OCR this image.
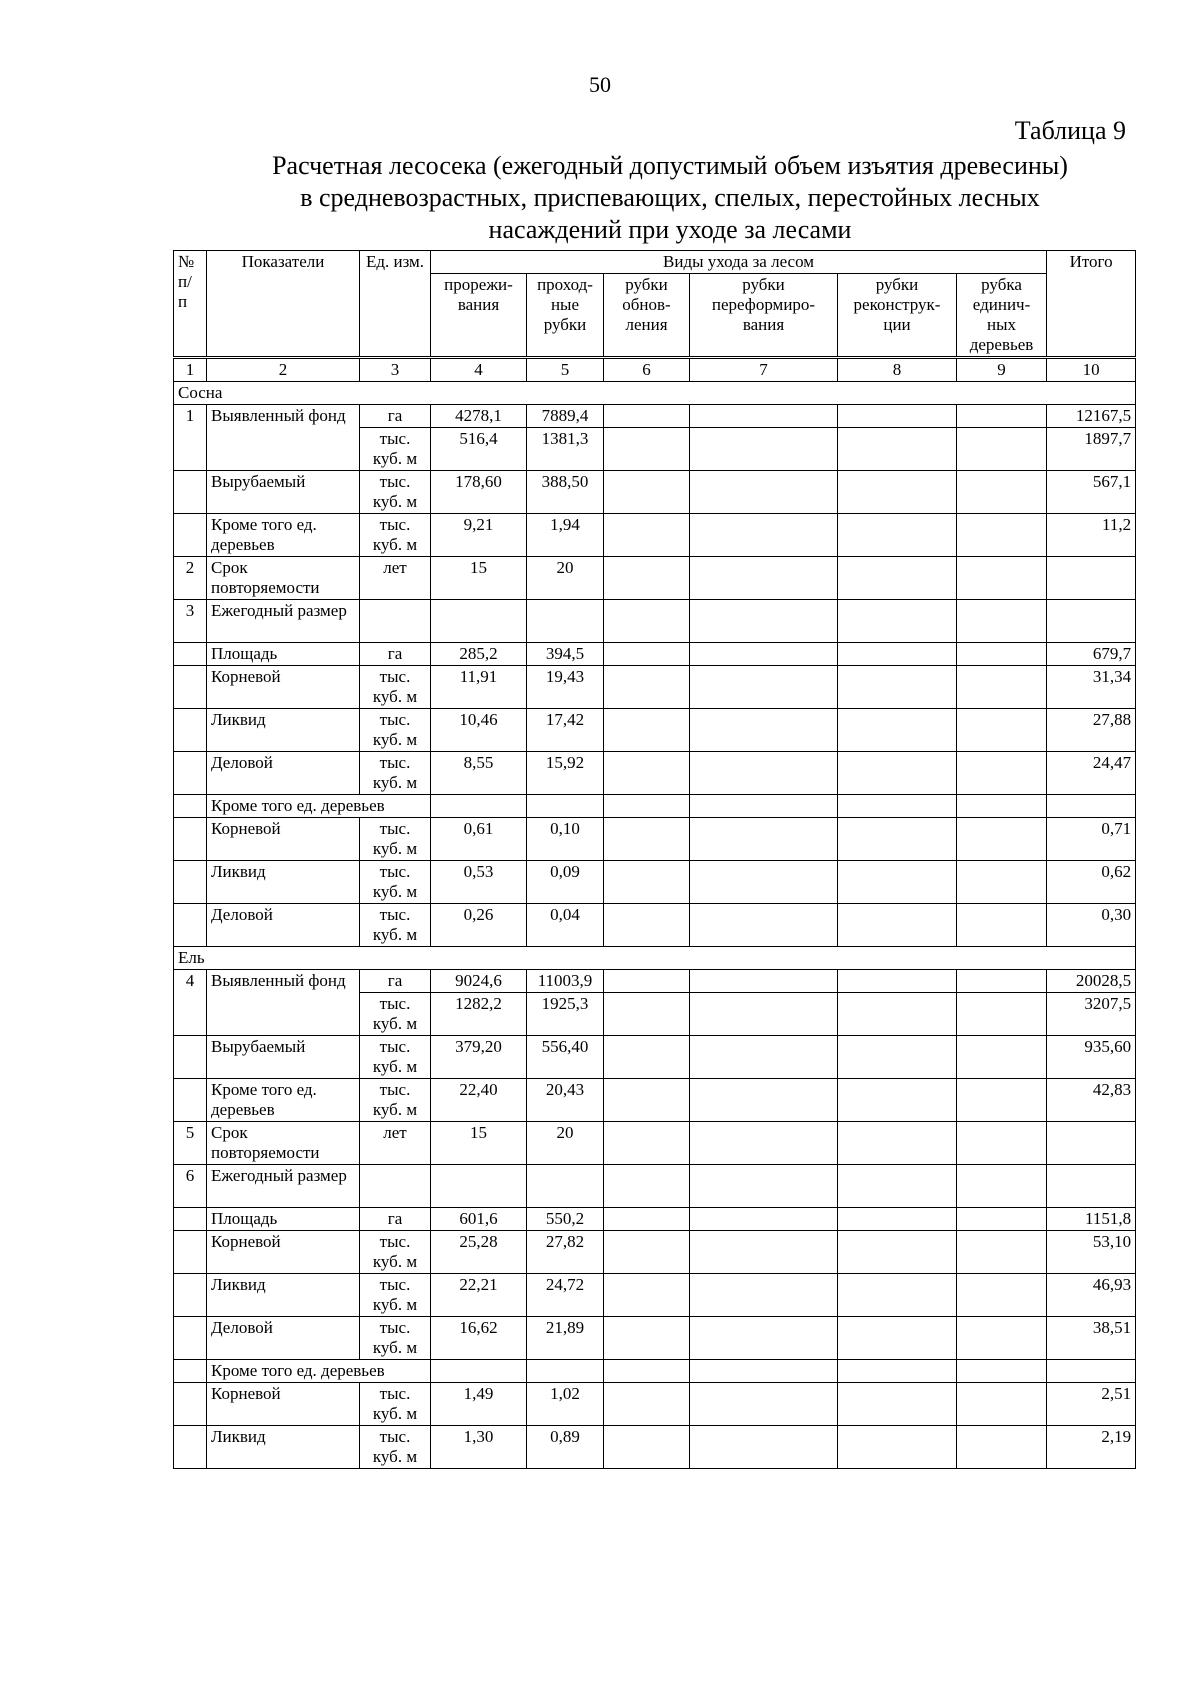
50
Таблица 9
Расчетная лесосека (ежегодный допустимый объем изъятия древесины)
в средневозрастных, приспевающих, спелых, перестойных лесных
насаждений при уходе за лесами
№ п/ п	Показатели	Ед. изм.	Виды ухода за лесом						Итого
			прорежи-вания	проход-ные рубки	рубки обнов-ления	рубки переформиро-вания	рубки реконструк-ции	рубка единич-ных деревьев	
1	2	3	4	5	6	7	8	9	10
Сосна									
1	Выявленный фонд	га	4278,1	7889,4					12167,5
		тыс. куб. м	516,4	1381,3					1897,7
	Вырубаемый	тыс. куб. м	178,60	388,50					567,1
	Кроме того ед. деревьев	тыс. куб. м	9,21	1,94					11,2
2	Срок повторяемости	лет	15	20					
3	Ежегодный размер								
	Площадь	га	285,2	394,5					679,7
	Корневой	тыс. куб. м	11,91	19,43					31,34
	Ликвид	тыс. куб. м	10,46	17,42					27,88
	Деловой	тыс. куб. м	8,55	15,92					24,47
	Кроме того ед. деревьев								
	Корневой	тыс. куб. м	0,61	0,10					0,71
	Ликвид	тыс. куб. м	0,53	0,09					0,62
	Деловой	тыс. куб. м	0,26	0,04					0,30
Ель									
4	Выявленный фонд	га	9024,6	11003,9					20028,5
		тыс. куб. м	1282,2	1925,3					3207,5
	Вырубаемый	тыс. куб. м	379,20	556,40					935,60
	Кроме того ед. деревьев	тыс. куб. м	22,40	20,43					42,83
5	Срок повторяемости	лет	15	20					
6	Ежегодный размер								
	Площадь	га	601,6	550,2					1151,8
	Корневой	тыс. куб. м	25,28	27,82					53,10
	Ликвид	тыс. куб. м	22,21	24,72					46,93
	Деловой	тыс. куб. м	16,62	21,89					38,51
	Кроме того ед. деревьев								
	Корневой	тыс. куб. м	1,49	1,02					2,51
	Ликвид	тыс. куб. м	1,30	0,89					2,19
